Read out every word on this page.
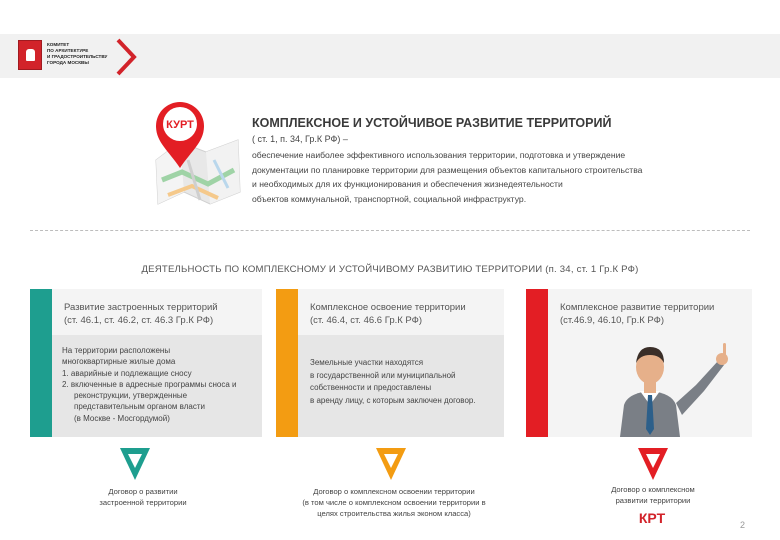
КОМИТЕТ
ПО АРХИТЕКТУРЕ
И ГРАДОСТРОИТЕЛЬСТВУ
ГОРОДА МОСКВЫ
КУРТ	КОМПЛЕКСНОЕ И УСТОЙЧИВОЕ РАЗВИТИЕ ТЕРРИТОРИЙ
( ст. 1, п. 34, Гр.К РФ) –
обеспечение наиболее эффективного использования территории, подготовка и утверждение
документации по планировке территории для размещения объектов капитального строительства
и необходимых для их функционирования и обеспечения жизнедеятельности
объектов коммунальной, транспортной, социальной инфраструктур.
ДЕЯТЕЛЬНОСТЬ ПО КОМПЛЕКСНОМУ И УСТОЙЧИВОМУ РАЗВИТИЮ ТЕРРИТОРИИ (п. 34, ст. 1 Гр.К РФ)
Развитие застроенных территорий
(ст. 46.1, ст. 46.2, ст. 46.3 Гр.К РФ)
На территории расположены
многоквартирные жилые дома
1. аварийные и подлежащие сносу
2. включенные в адресные программы сноса и
реконструкции, утвержденные
представительным органом власти
(в Москве - Мосгордумой)
Комплексное освоение территории
(ст. 46.4, ст. 46.6 Гр.К РФ)
Земельные участки находятся
в государственной или муниципальной
собственности и предоставлены
в аренду лицу, с которым заключен договор.
Комплексное развитие территории
(ст.46.9, 46.10, Гр.К РФ)
Договор о развитии
застроенной территории
Договор о комплексном освоении территории
(в том числе о комплексном освоении территории в
целях строительства жилья эконом класса)
Договор о комплексном
развитии территории
КРТ	2
